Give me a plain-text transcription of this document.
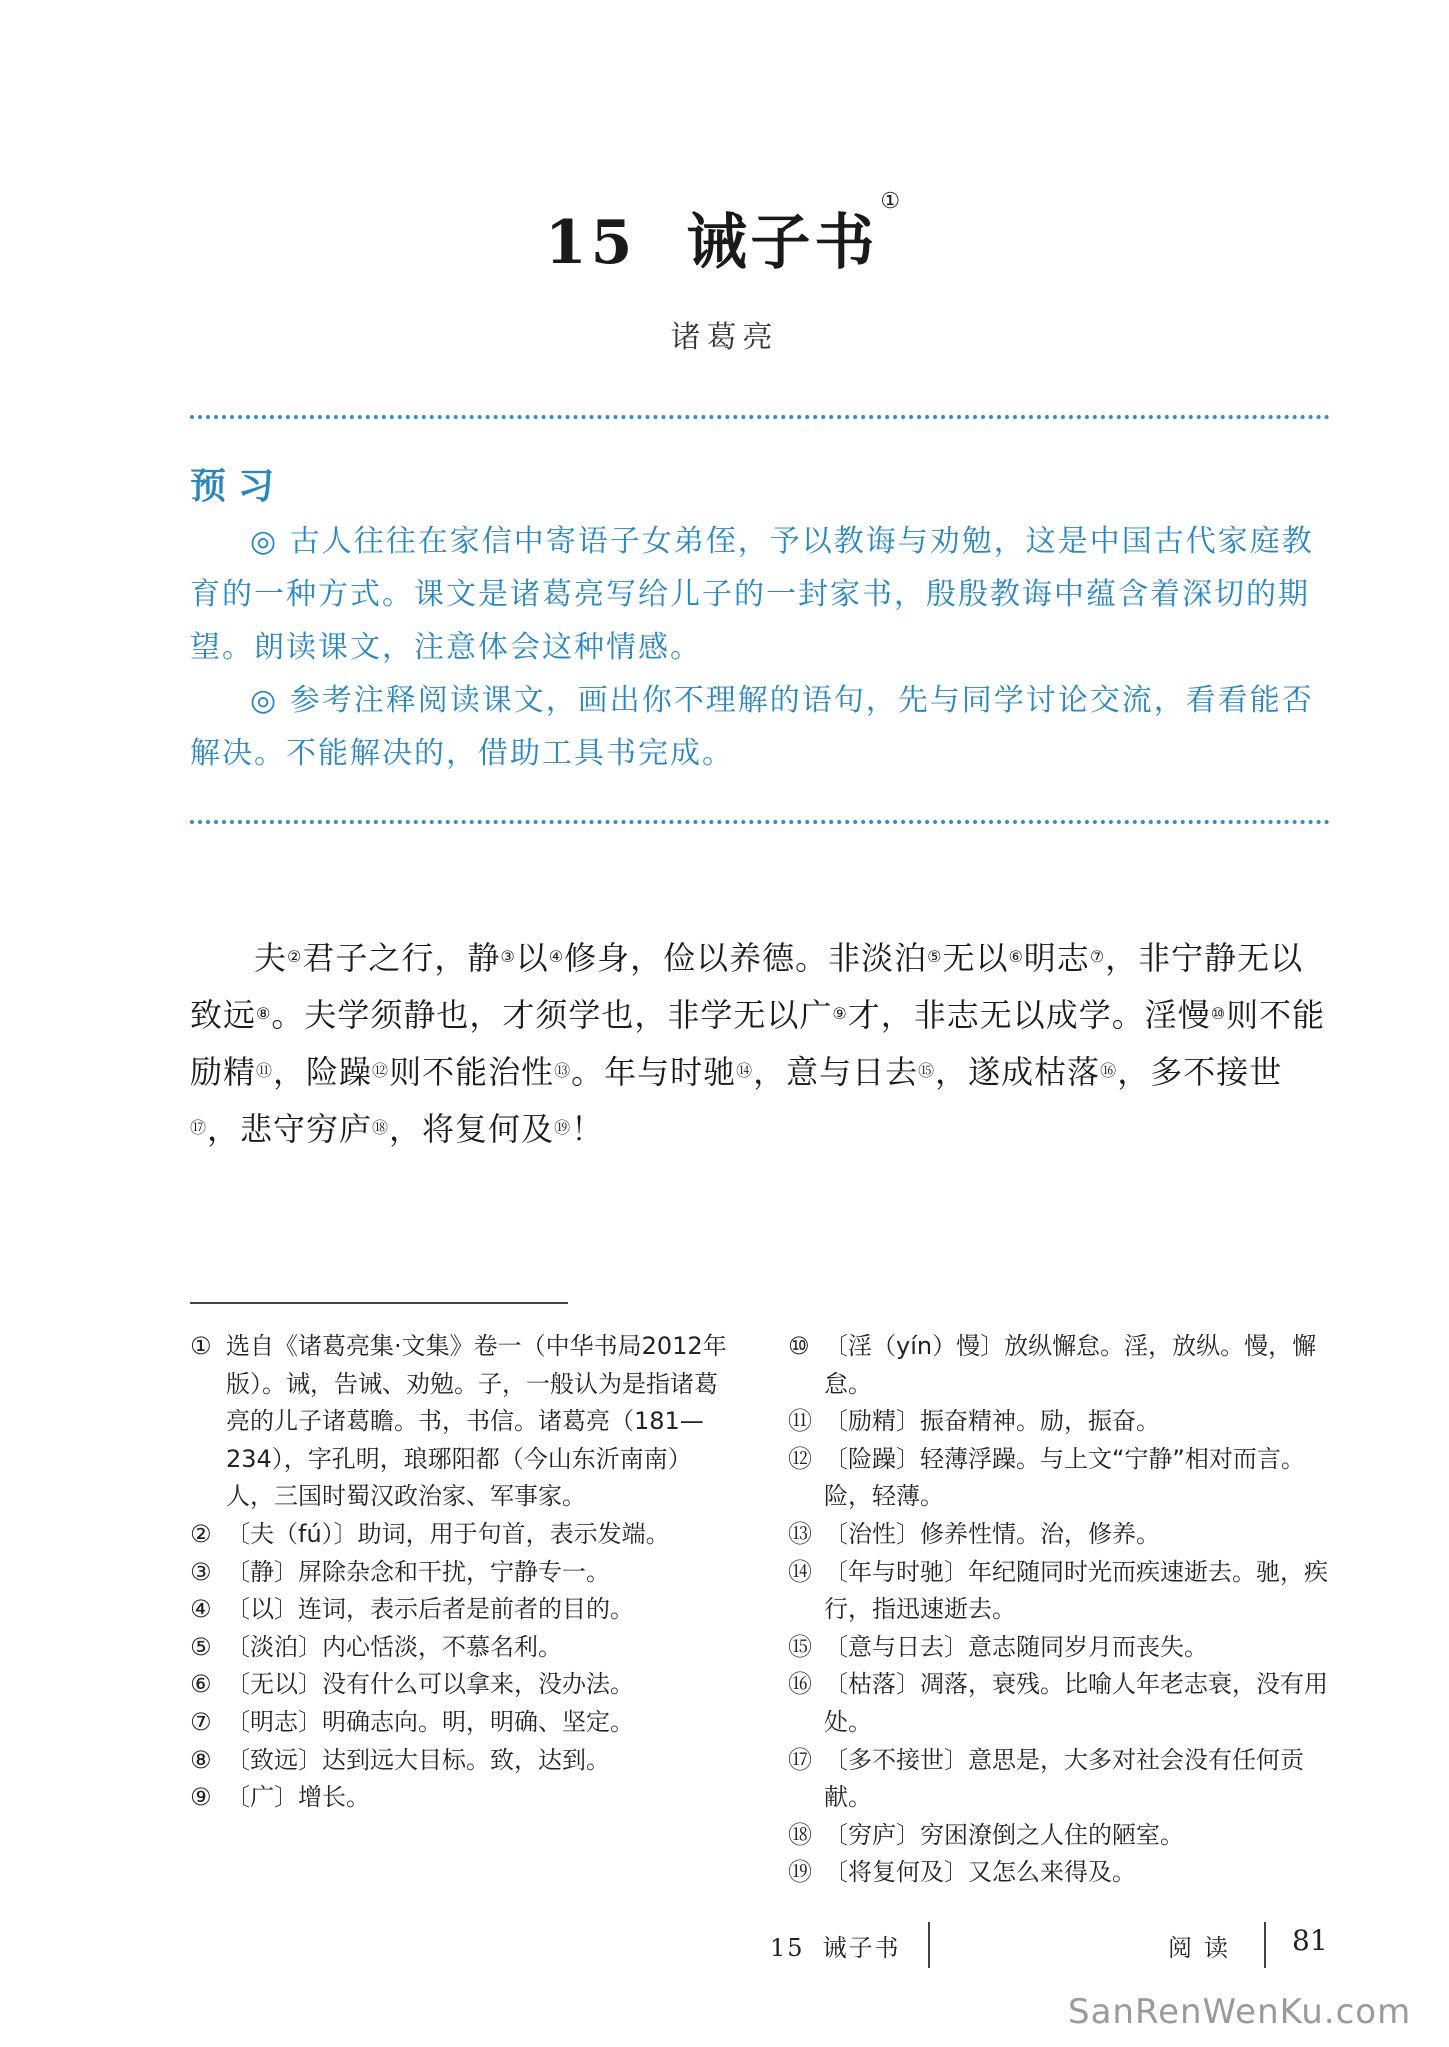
15 诫子书①
诸葛亮
预习

◎ 古人往往在家信中寄语子女弟侄，予以教诲与劝勉，这是中国古代家庭教育的一种方式。课文是诸葛亮写给儿子的一封家书，殷殷教诲中蕴含着深切的期望。朗读课文，注意体会这种情感。

◎ 参考注释阅读课文，画出你不理解的语句，先与同学讨论交流，看看能否解决。不能解决的，借助工具书完成。

夫②君子之行，静③以④修身，俭以养德。非淡泊⑤无以⑥明志⑦，非宁静无以致远⑧。夫学须静也，才须学也，非学无以广⑨才，非志无以成学。淫慢⑩则不能励精⑪，险躁⑫则不能治性⑬。年与时驰⑭，意与日去⑮，遂成枯落⑯，多不接世⑰，悲守穷庐⑱，将复何及⑲！
① 选自《诸葛亮集·文集》卷一（中华书局2012年版）。诫，告诫、劝勉。子，一般认为是指诸葛亮的儿子诸葛瞻。书，书信。诸葛亮（181—234），字孔明，琅琊阳都（今山东沂南南）人，三国时蜀汉政治家、军事家。
② 〔夫（fú）〕助词，用于句首，表示发端。
③ 〔静〕屏除杂念和干扰，宁静专一。
④ 〔以〕连词，表示后者是前者的目的。
⑤ 〔淡泊〕内心恬淡，不慕名利。
⑥ 〔无以〕没有什么可以拿来，没办法。
⑦ 〔明志〕明确志向。明，明确、坚定。
⑧ 〔致远〕达到远大目标。致，达到。
⑨ 〔广〕增长。
⑩ 〔淫（yín）慢〕放纵懈怠。淫，放纵。慢，懈怠。
⑪ 〔励精〕振奋精神。励，振奋。
⑫ 〔险躁〕轻薄浮躁。与上文“宁静”相对而言。险，轻薄。
⑬ 〔治性〕修养性情。治，修养。
⑭ 〔年与时驰〕年纪随同时光而疾速逝去。驰，疾行，指迅速逝去。
⑮ 〔意与日去〕意志随同岁月而丧失。
⑯ 〔枯落〕凋落，衰残。比喻人年老志衰，没有用处。
⑰ 〔多不接世〕意思是，大多对社会没有任何贡献。
⑱ 〔穷庐〕穷困潦倒之人住的陋室。
⑲ 〔将复何及〕又怎么来得及。
15 诫子书	阅读 81
SanRenWenKu.com
